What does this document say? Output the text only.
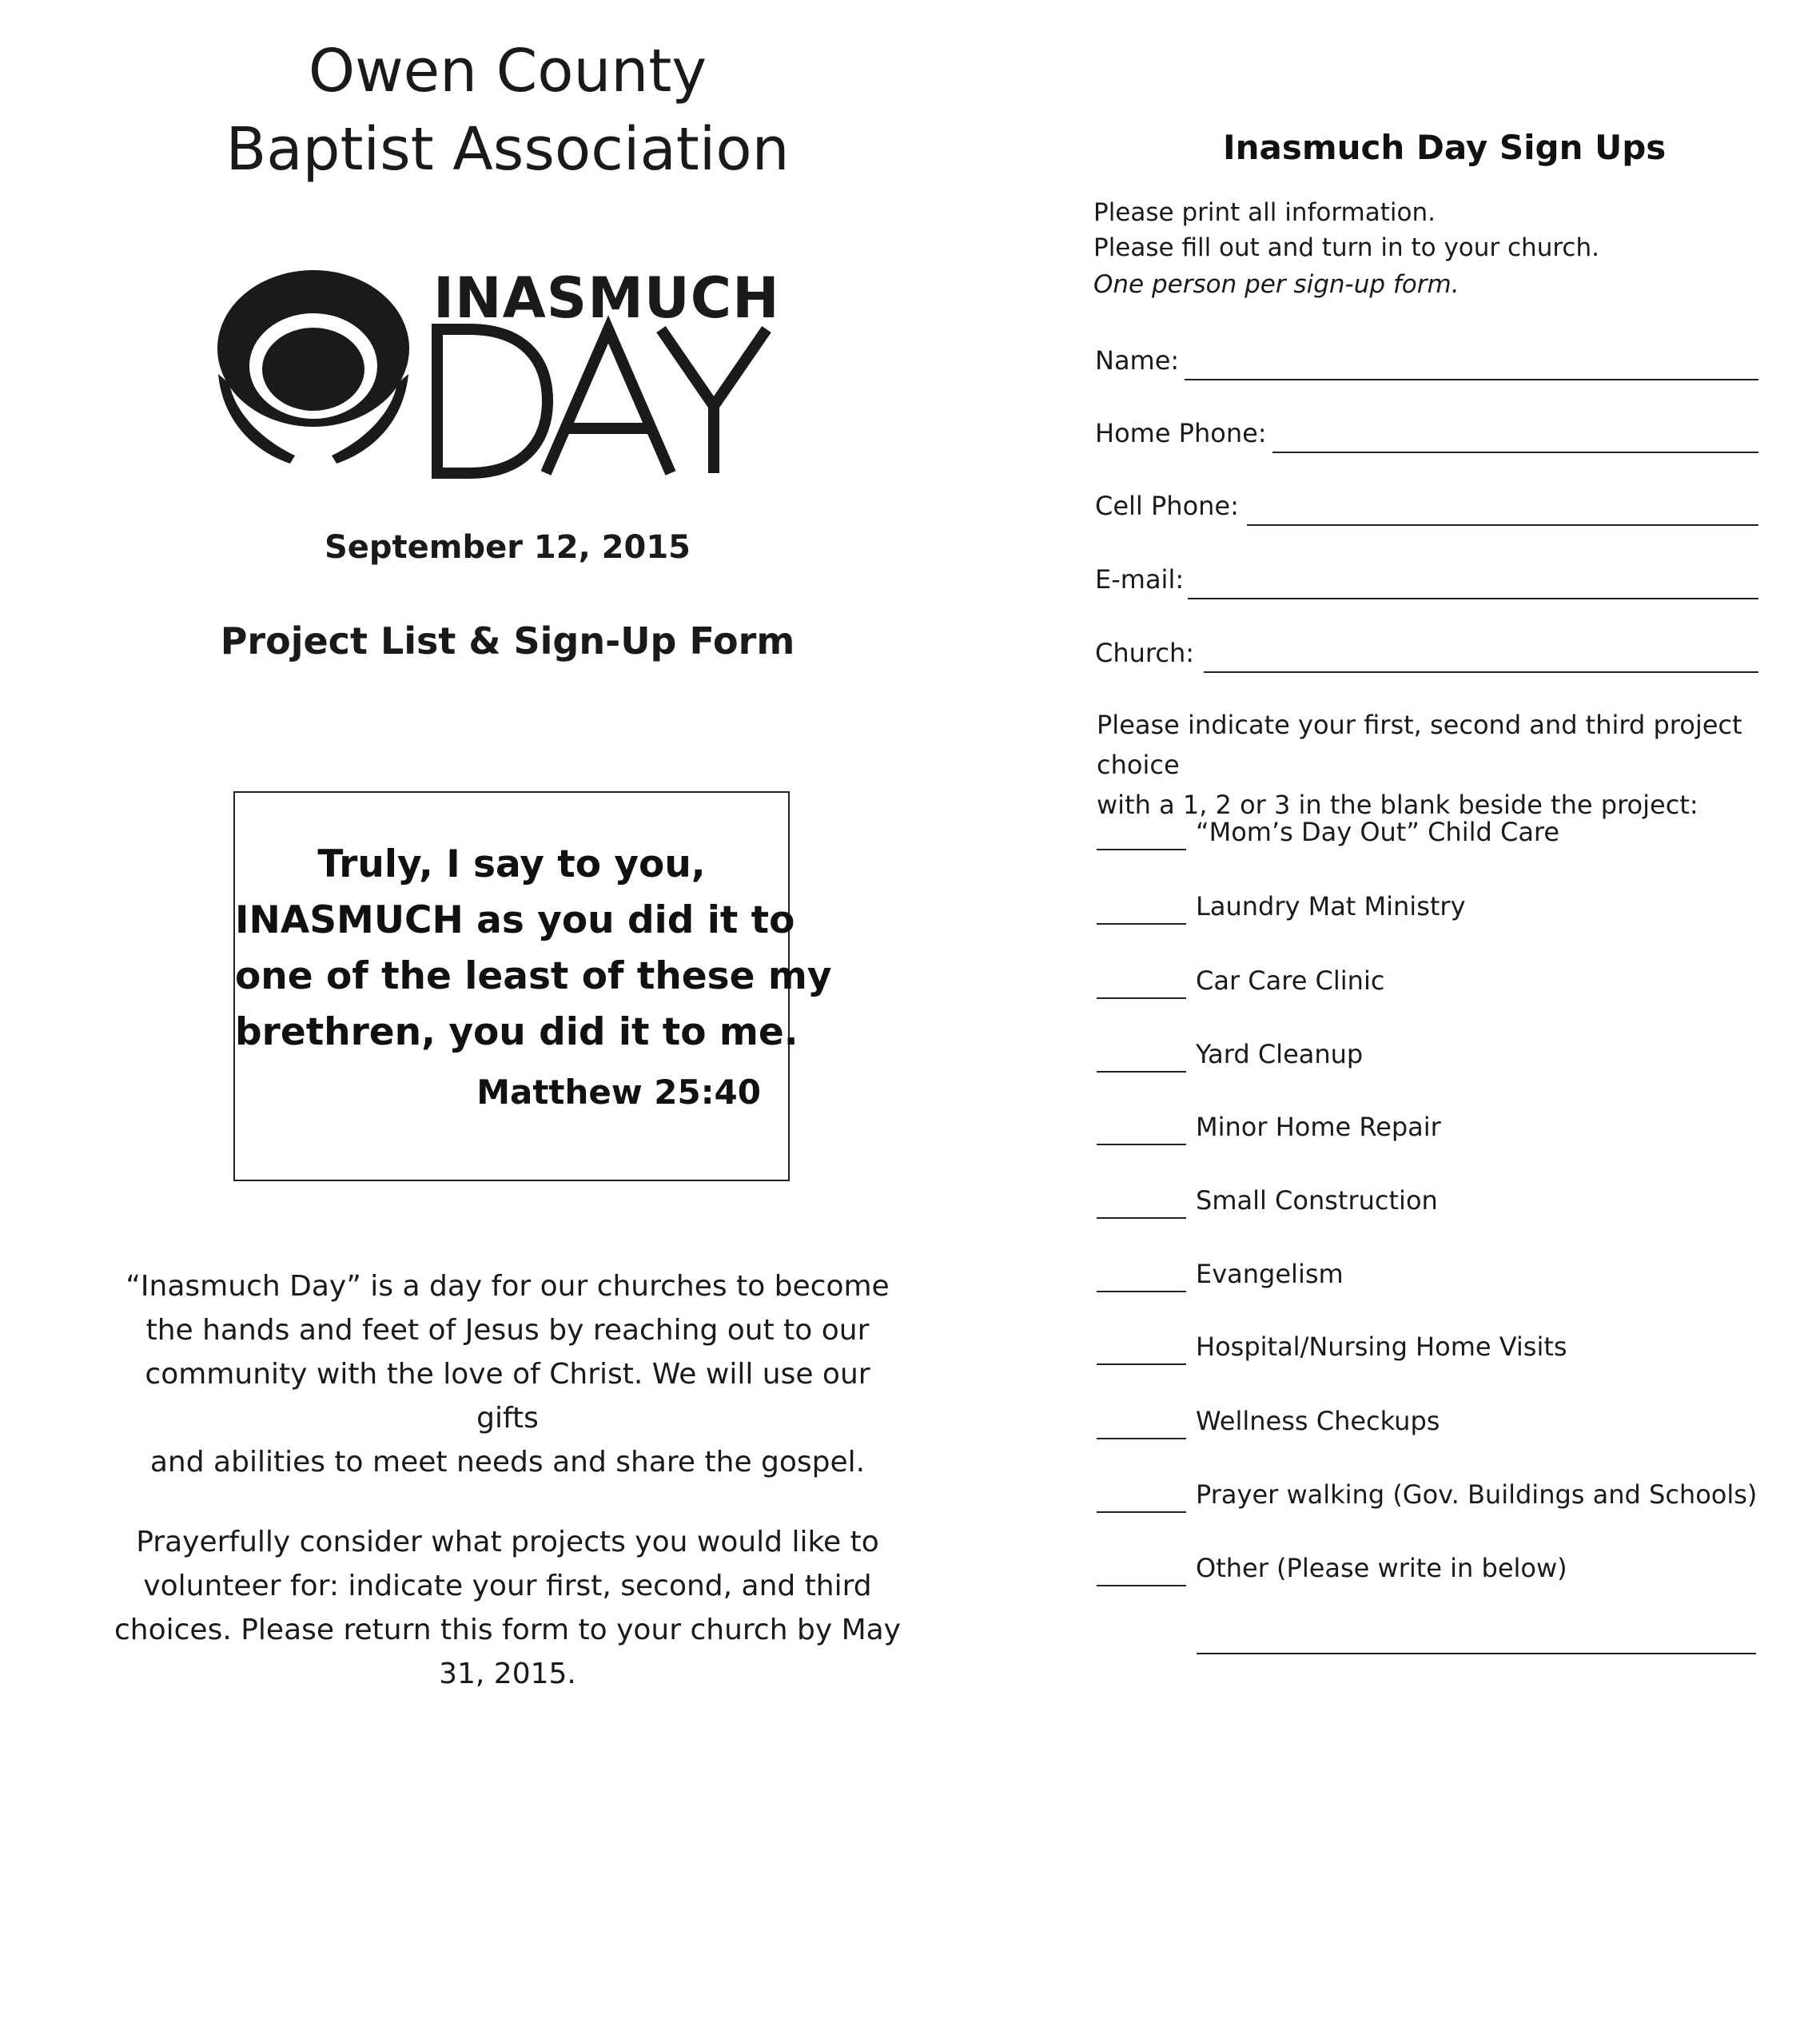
Owen County
Baptist Association
INASMUCH
September 12, 2015
Project List & Sign-Up Form
Truly, I say to you,
INASMUCH as you did it to
one of the least of these my
brethren, you did it to me.
Matthew 25:40
“Inasmuch Day” is a day for our churches to become
the hands and feet of Jesus by reaching out to our
community with the love of Christ. We will use our gifts
and abilities to meet needs and share the gospel.
Prayerfully consider what projects you would like to
volunteer for: indicate your first, second, and third
choices. Please return this form to your church by May
31, 2015.
Inasmuch Day Sign Ups
Please print all information.
Please fill out and turn in to your church.
One person per sign-up form.
Name:
Home Phone:
Cell Phone:
E-mail:
Church:
Please indicate your first, second and third project choice
with a 1, 2 or 3 in the blank beside the project:
“Mom’s Day Out” Child Care
Laundry Mat Ministry
Car Care Clinic
Yard Cleanup
Minor Home Repair
Small Construction
Evangelism
Hospital/Nursing Home Visits
Wellness Checkups
Prayer walking (Gov. Buildings and Schools)
Other (Please write in below)
